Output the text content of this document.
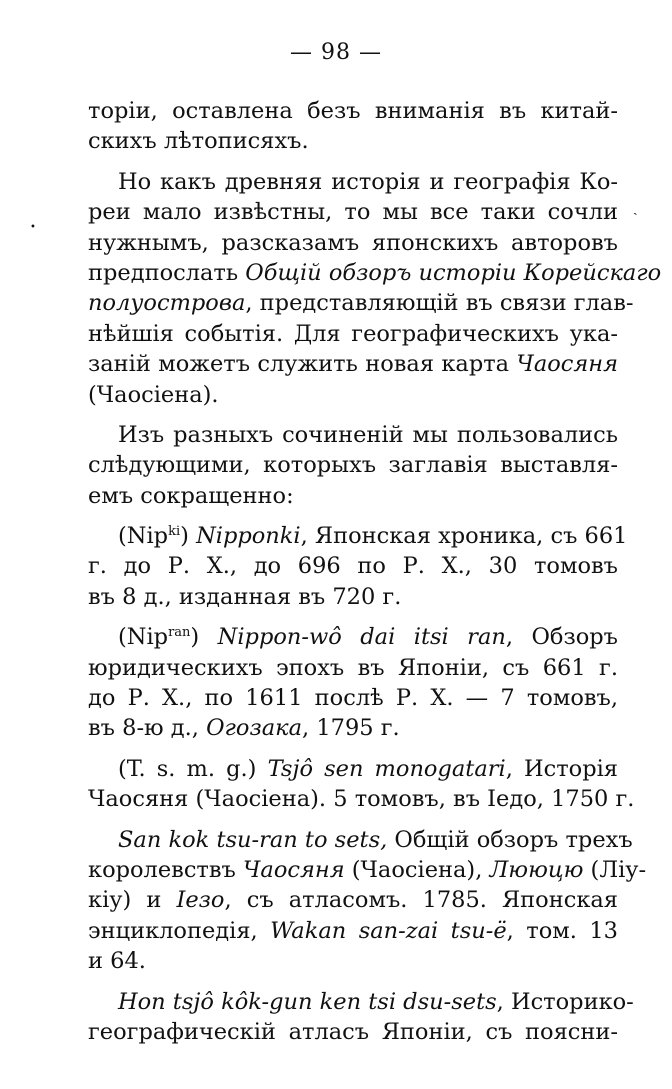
— 98 —
•
ˏ
торіи, оставлена безъ вниманія въ китай-
скихъ лѣтописяхъ.
Но какъ древняя исторія и географія Ко-
реи мало извѣстны, то мы все таки сочли
нужнымъ, разсказамъ японскихъ авторовъ
предпослать Общій обзоръ исторіи Корейскаго
полуострова, представляющій въ связи глав-
нѣйшія событія. Для географическихъ ука-
заній можетъ служить новая карта Чаосяня
(Чаосіена).
Изъ разныхъ сочиненій мы пользовались
слѣдующими, которыхъ заглавія выставля-
емъ сокращенно:
(Nip$^{ki}$) Nipponki, Японская хроника, съ 661
г. до Р. Х., до 696 по Р. Х., 30 томовъ
въ 8 д., изданная въ 720 г.
(Nip$^{ran}$) Nippon-wô dai itsi ran, Обзоръ
юридическихъ эпохъ въ Японіи, съ 661 г.
до Р. Х., по 1611 послѣ Р. Х. — 7 томовъ,
въ 8-ю д., Огозака, 1795 г.
(T. s. m. g.) Tsjô sen monogatari, Исторія
Чаосяня (Чаосіена). 5 томовъ, въ Іедо, 1750 г.
San kok tsu-ran to sets, Общій обзоръ трехъ
королевствъ Чаосяня (Чаосіена), Лююцю (Ліу-
кіу) и Іезо, съ атласомъ. 1785. Японская
энциклопедія, Wakan san-zai tsu-ë, том. 13
и 64.
Hon tsjô kôk-gun ken tsi dsu-sets, Историко-
географическій атласъ Японіи, съ поясни-
